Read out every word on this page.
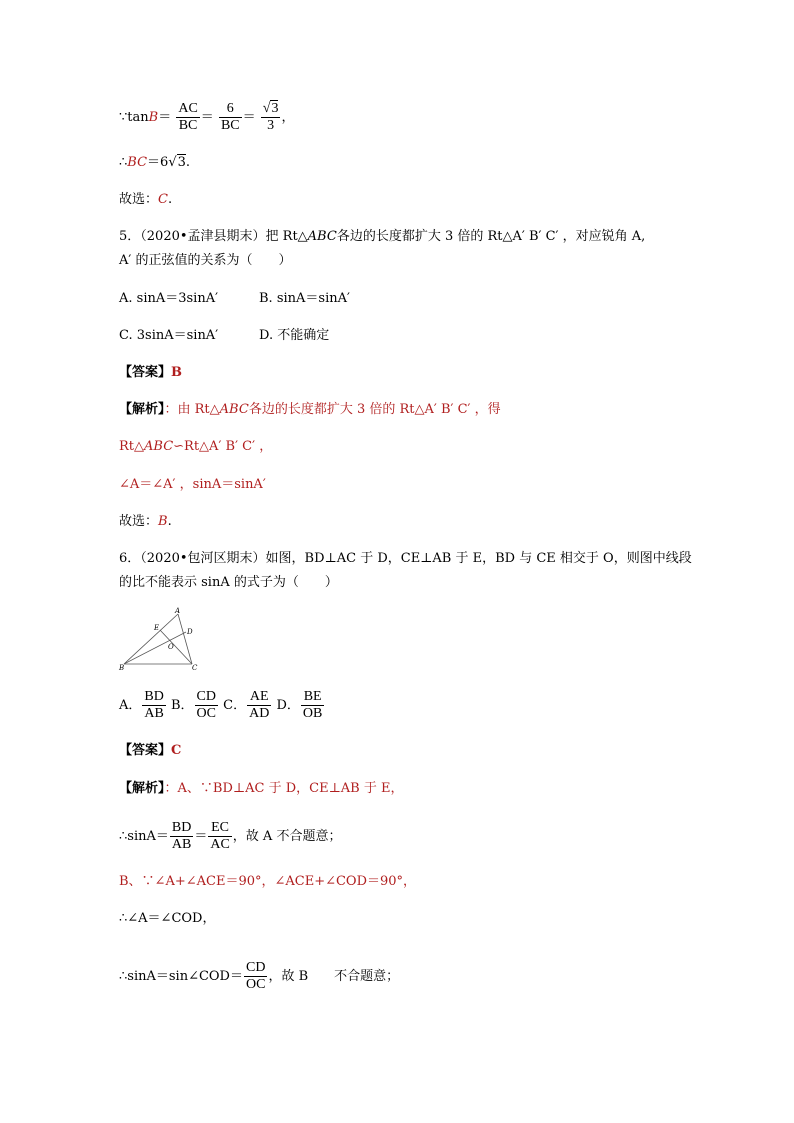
∵tanB＝ $\frac{AC}{BC} = \frac{6}{BC} = \frac{√3}{3}$ ，
∴BC＝6√3.
故选：C.
5．（2020•孟津县期末）把 Rt△ABC各边的长度都扩大 3 倍的 Rt△A′ B′ C′ ，对应锐角 A,
A′ 的正弦值的关系为（　　）
A. sinA＝3sinA′	B. sinA＝sinA′
C. 3sinA＝sinA′	D. 不能确定
【答案】B
【解析】：由 Rt△ABC各边的长度都扩大 3 倍的 Rt△A′ B′ C′ ，得
Rt△ABC∽Rt△A′ B′ C′ ，
∠A＝∠A′ ，sinA＝sinA′
故选：B.
6．（2020•包河区期末）如图，BD⊥AC 于 D，CE⊥AB 于 E，BD 与 CE 相交于 O，则图中线段
的比不能表示 sinA 的式子为（　　）
A
E	D
O
B	C
A． $\frac{BD}{AB}$ B． $\frac{CD}{OC}$ C． $\frac{AE}{AD}$ D． $\frac{BE}{OB}$
【答案】C
【解析】：A、∵BD⊥AC 于 D，CE⊥AB 于 E，
∴sinA＝ $\frac{BD}{AB} = \frac{EC}{AC}$ ，故 A 不合题意；
B、∵∠A+∠ACE＝90°，∠ACE+∠COD＝90°，
∴∠A＝∠COD，
∴sinA＝sin∠COD＝ $\frac{CD}{OC}$ ，故 B　　不合题意；
